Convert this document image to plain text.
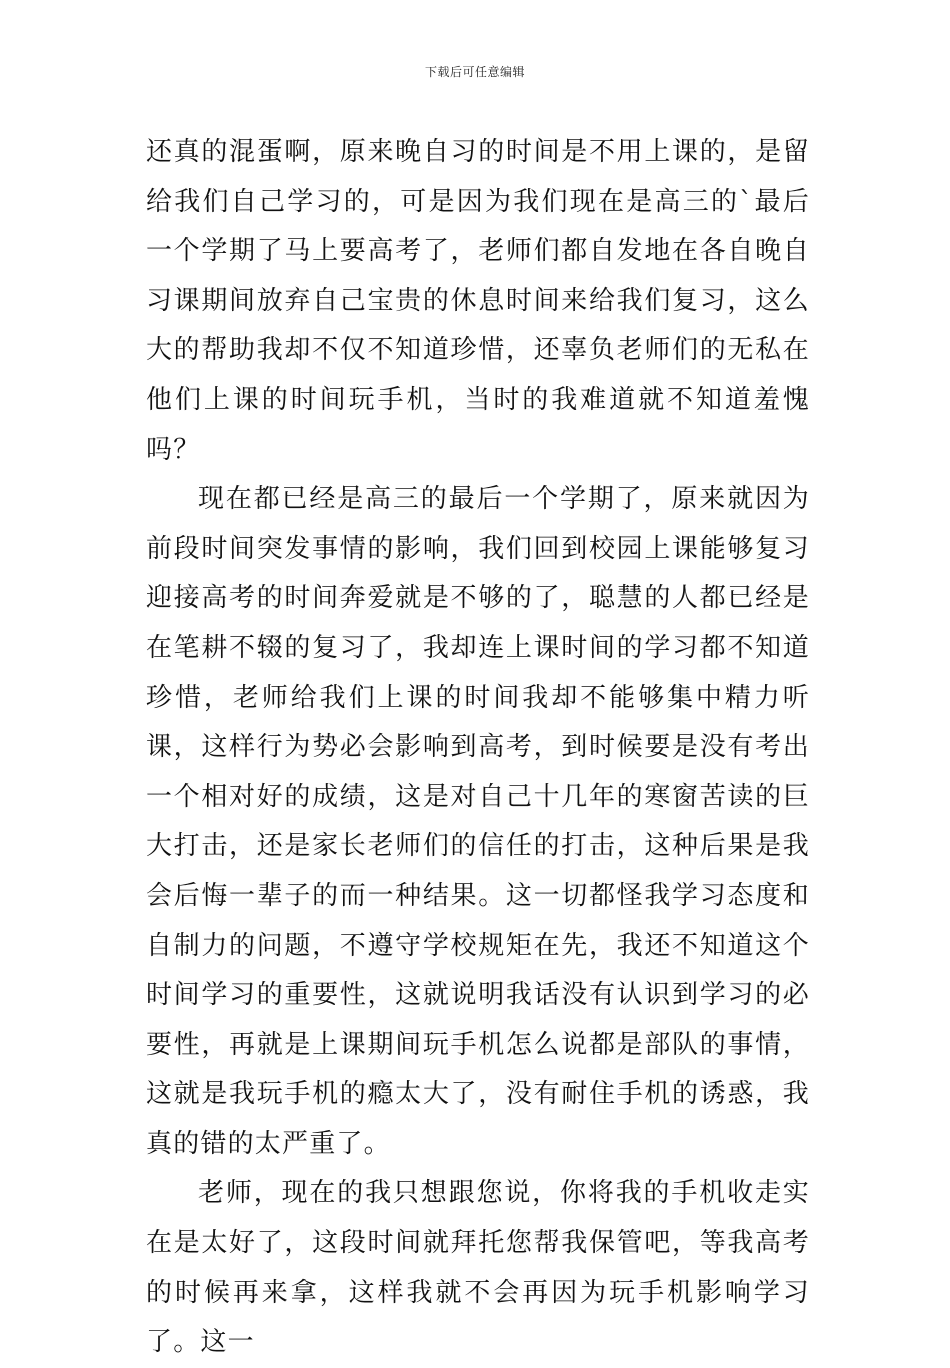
下载后可任意编辑

还真的混蛋啊，原来晚自习的时间是不用上课的，是留给我们自己学习的，可是因为我们现在是高三的`最后一个学期了马上要高考了，老师们都自发地在各自晚自习课期间放弃自己宝贵的休息时间来给我们复习，这么大的帮助我却不仅不知道珍惜，还辜负老师们的无私在他们上课的时间玩手机，当时的我难道就不知道羞愧吗？

现在都已经是高三的最后一个学期了，原来就因为前段时间突发事情的影响，我们回到校园上课能够复习迎接高考的时间奔爱就是不够的了，聪慧的人都已经是在笔耕不辍的复习了，我却连上课时间的学习都不知道珍惜，老师给我们上课的时间我却不能够集中精力听课，这样行为势必会影响到高考，到时候要是没有考出一个相对好的成绩，这是对自己十几年的寒窗苦读的巨大打击，还是家长老师们的信任的打击，这种后果是我会后悔一辈子的而一种结果。这一切都怪我学习态度和自制力的问题，不遵守学校规矩在先，我还不知道这个时间学习的重要性，这就说明我话没有认识到学习的必要性，再就是上课期间玩手机怎么说都是部队的事情，这就是我玩手机的瘾太大了，没有耐住手机的诱惑，我真的错的太严重了。

老师，现在的我只想跟您说，你将我的手机收走实在是太好了，这段时间就拜托您帮我保管吧，等我高考的时候再来拿，这样我就不会再因为玩手机影响学习了。这一
